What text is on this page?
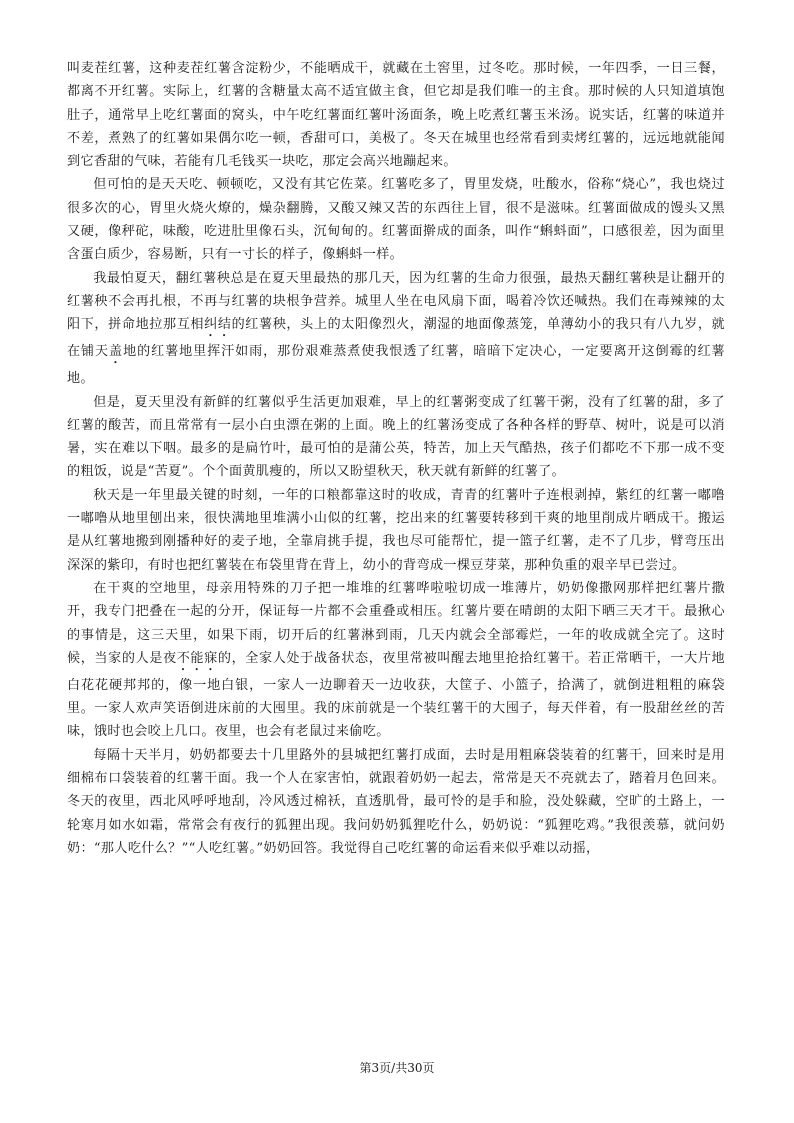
叫麦茬红薯，这种麦茬红薯含淀粉少，不能晒成干，就藏在土窖里，过冬吃。那时候，一年四季，一日三餐，都离不开红薯。实际上，红薯的含糖量太高不适宜做主食，但它却是我们唯一的主食。那时候的人只知道填饱肚子，通常早上吃红薯面的窝头，中午吃红薯面红薯叶汤面条，晚上吃煮红薯玉米汤。说实话，红薯的味道并不差，煮熟了的红薯如果偶尔吃一顿，香甜可口，美极了。冬天在城里也经常看到卖烤红薯的，远远地就能闻到它香甜的气味，若能有几毛钱买一块吃，那定会高兴地蹦起来。

但可怕的是天天吃、顿顿吃，又没有其它佐菜。红薯吃多了，胃里发烧，吐酸水，俗称“烧心”，我也烧过很多次的心，胃里火烧火燎的，燥杂翻腾，又酸又辣又苦的东西往上冒，很不是滋味。红薯面做成的馒头又黑又硬，像秤砣，味酸，吃进肚里像石头，沉甸甸的。红薯面擀成的面条，叫作“蝌蚪面”，口感很差，因为面里含蛋白质少，容易断，只有一寸长的样子，像蝌蚪一样。

我最怕夏天，翻红薯秧总是在夏天里最热的那几天，因为红薯的生命力很强，最热天翻红薯秧是让翻开的红薯秧不会再扎根，不再与红薯的块根争营养。城里人坐在电风扇下面，喝着冷饮还喊热。我们在毒辣辣的太阳下，拼命地拉那互相纠结的红薯秧，头上的太阳像烈火，潮湿的地面像蒸笼，单薄幼小的我只有八九岁，就在铺天盖地的红薯地里挥汗如雨，那份艰难蒸煮使我恨透了红薯，暗暗下定决心，一定要离开这倒霉的红薯地。

但是，夏天里没有新鲜的红薯似乎生活更加艰难，早上的红薯粥变成了红薯干粥，没有了红薯的甜，多了红薯的酸苦，而且常常有一层小白虫漂在粥的上面。晚上的红薯汤变成了各种各样的野草、树叶，说是可以消暑，实在难以下咽。最多的是扁竹叶，最可怕的是蒲公英，特苦，加上天气酷热，孩子们都吃不下那一成不变的粗饭，说是“苦夏”。个个面黄肌瘦的，所以又盼望秋天，秋天就有新鲜的红薯了。

秋天是一年里最关键的时刻，一年的口粮都靠这时的收成，青青的红薯叶子连根剥掉，紫红的红薯一嘟噜一嘟噜从地里刨出来，很快满地里堆满小山似的红薯，挖出来的红薯要转移到干爽的地里削成片晒成干。搬运是从红薯地搬到刚播种好的麦子地，全靠肩挑手提，我也尽可能帮忙，提一篮子红薯，走不了几步，臂弯压出深深的紫印，有时也把红薯装在布袋里背在背上，幼小的背弯成一棵豆芽菜，那种负重的艰辛早已尝过。

在干爽的空地里，母亲用特殊的刀子把一堆堆的红薯哗啦啦切成一堆薄片，奶奶像撒网那样把红薯片撒开，我专门把叠在一起的分开，保证每一片都不会重叠或相压。红薯片要在晴朗的太阳下晒三天才干。最揪心的事情是，这三天里，如果下雨，切开后的红薯淋到雨，几天内就会全部霉烂，一年的收成就全完了。这时候，当家的人是夜不能寐的，全家人处于战备状态，夜里常被叫醒去地里抢拾红薯干。若正常晒干，一大片地白花花硬邦邦的，像一地白银，一家人一边聊着天一边收获，大筐子、小篮子，拾满了，就倒进粗粗的麻袋里。一家人欢声笑语倒进床前的大囤里。我的床前就是一个装红薯干的大囤子，每天伴着，有一股甜丝丝的苦味，饿时也会咬上几口。夜里，也会有老鼠过来偷吃。

每隔十天半月，奶奶都要去十几里路外的县城把红薯打成面，去时是用粗麻袋装着的红薯干，回来时是用细棉布口袋装着的红薯干面。我一个人在家害怕，就跟着奶奶一起去，常常是天不亮就去了，踏着月色回来。冬天的夜里，西北风呼呼地刮，冷风透过棉袄，直透肌骨，最可怜的是手和脸，没处躲藏，空旷的土路上，一轮寒月如水如霜，常常会有夜行的狐狸出现。我问奶奶狐狸吃什么，奶奶说：“狐狸吃鸡。”我很羡慕，就问奶奶：“那人吃什么？”“人吃红薯。”奶奶回答。我觉得自己吃红薯的命运看来似乎难以动摇，

第3页/共30页
